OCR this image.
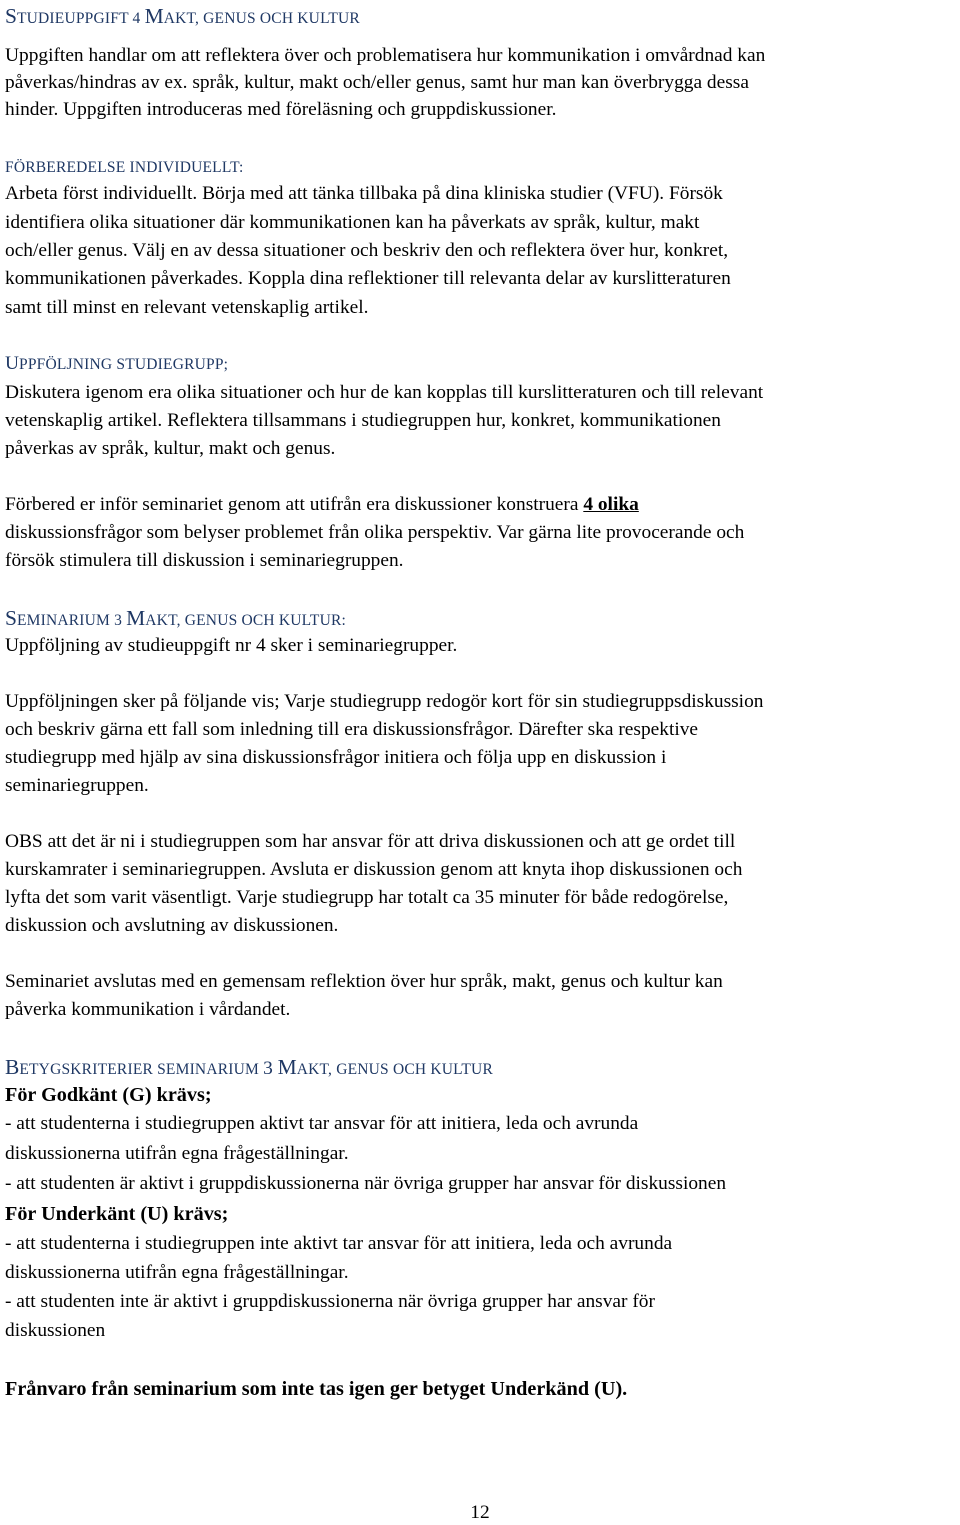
STUDIEUPPGIFT 4 MAKT, GENUS OCH KULTUR
Uppgiften handlar om att reflektera över och problematisera hur kommunikation i omvårdnad kan
påverkas/hindras av ex. språk, kultur, makt och/eller genus, samt hur man kan överbrygga dessa
hinder. Uppgiften introduceras med föreläsning och gruppdiskussioner.
FÖRBEREDELSE INDIVIDUELLT:
Arbeta först individuellt. Börja med att tänka tillbaka på dina kliniska studier (VFU). Försök
identifiera olika situationer där kommunikationen kan ha påverkats av språk, kultur, makt
och/eller genus. Välj en av dessa situationer och beskriv den och reflektera över hur, konkret,
kommunikationen påverkades. Koppla dina reflektioner till relevanta delar av kurslitteraturen
samt till minst en relevant vetenskaplig artikel.
UPPFÖLJNING STUDIEGRUPP;
Diskutera igenom era olika situationer och hur de kan kopplas till kurslitteraturen och till relevant
vetenskaplig artikel. Reflektera tillsammans i studiegruppen hur, konkret, kommunikationen
påverkas av språk, kultur, makt och genus.
Förbered er inför seminariet genom att utifrån era diskussioner konstruera 4 olika
diskussionsfrågor som belyser problemet från olika perspektiv. Var gärna lite provocerande och
försök stimulera till diskussion i seminariegruppen.
SEMINARIUM 3 MAKT, GENUS OCH KULTUR:
Uppföljning av studieuppgift nr 4 sker i seminariegrupper.
Uppföljningen sker på följande vis; Varje studiegrupp redogör kort för sin studiegruppsdiskussion
och beskriv gärna ett fall som inledning till era diskussionsfrågor. Därefter ska respektive
studiegrupp med hjälp av sina diskussionsfrågor initiera och följa upp en diskussion i
seminariegruppen.
OBS att det är ni i studiegruppen som har ansvar för att driva diskussionen och att ge ordet till
kurskamrater i seminariegruppen. Avsluta er diskussion genom att knyta ihop diskussionen och
lyfta det som varit väsentligt. Varje studiegrupp har totalt ca 35 minuter för både redogörelse,
diskussion och avslutning av diskussionen.
Seminariet avslutas med en gemensam reflektion över hur språk, makt, genus och kultur kan
påverka kommunikation i vårdandet.
BETYGSKRITERIER SEMINARIUM 3 MAKT, GENUS OCH KULTUR
För Godkänt (G) krävs;
- att studenterna i studiegruppen aktivt tar ansvar för att initiera, leda och avrunda
diskussionerna utifrån egna frågeställningar.
- att studenten är aktivt i gruppdiskussionerna när övriga grupper har ansvar för diskussionen
För Underkänt (U) krävs;
- att studenterna i studiegruppen inte aktivt tar ansvar för att initiera, leda och avrunda
diskussionerna utifrån egna frågeställningar.
- att studenten inte är aktivt i gruppdiskussionerna när övriga grupper har ansvar för
diskussionen
Frånvaro från seminarium som inte tas igen ger betyget Underkänd (U).
12
